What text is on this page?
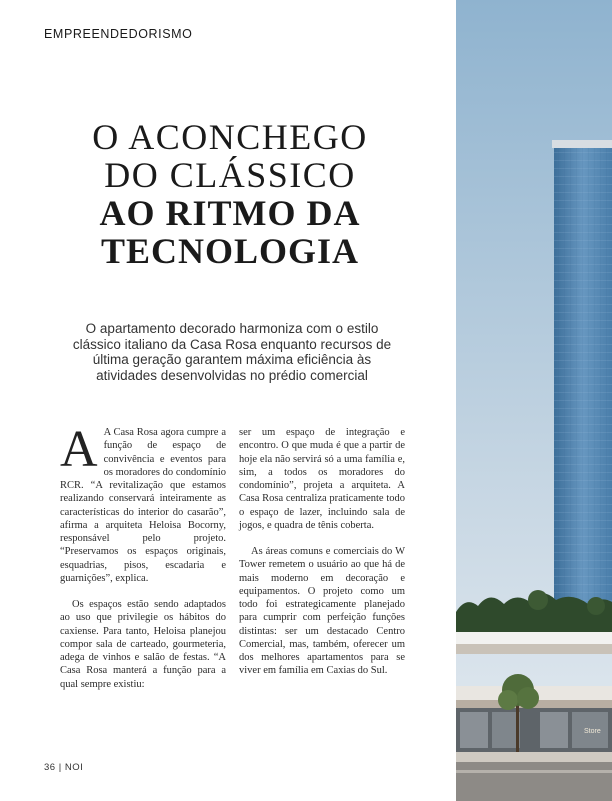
EMPREENDEDORISMO
O ACONCHEGO
DO CLÁSSICO
AO RITMO DA
TECNOLOGIA

O apartamento decorado harmoniza com o estilo clássico italiano da Casa Rosa enquanto recursos de última geração garantem máxima eficiência às atividades desenvolvidas no prédio comercial

A A Casa Rosa agora cumpre a função de espaço de convivência e eventos para os moradores do condomínio RCR. “A revitalização que estamos realizando conservará inteiramente as características do interior do casarão”, afirma a arquiteta Heloisa Bocorny, responsável pelo projeto. “Preservamos os espaços originais, esquadrias, pisos, escadaria e guarnições”, explica.

Os espaços estão sendo adaptados ao uso que privilegie os hábitos do caxiense. Para tanto, Heloisa planejou compor sala de carteado, gourmeteria, adega de vinhos e salão de festas. “A Casa Rosa manterá a função para a qual sempre existiu:

ser um espaço de integração e encontro. O que muda é que a partir de hoje ela não servirá só a uma família e, sim, a todos os moradores do condomínio”, projeta a arquiteta. A Casa Rosa centraliza praticamente todo o espaço de lazer, incluindo sala de jogos, e quadra de tênis coberta.

As áreas comuns e comerciais do W Tower remetem o usuário ao que há de mais moderno em decoração e equipamentos. O projeto como um todo foi estrategicamente planejado para cumprir com perfeição funções distintas: ser um destacado Centro Comercial, mas, também, oferecer um dos melhores apartamentos para se viver em família em Caxias do Sul.

36 | NOI
Store
